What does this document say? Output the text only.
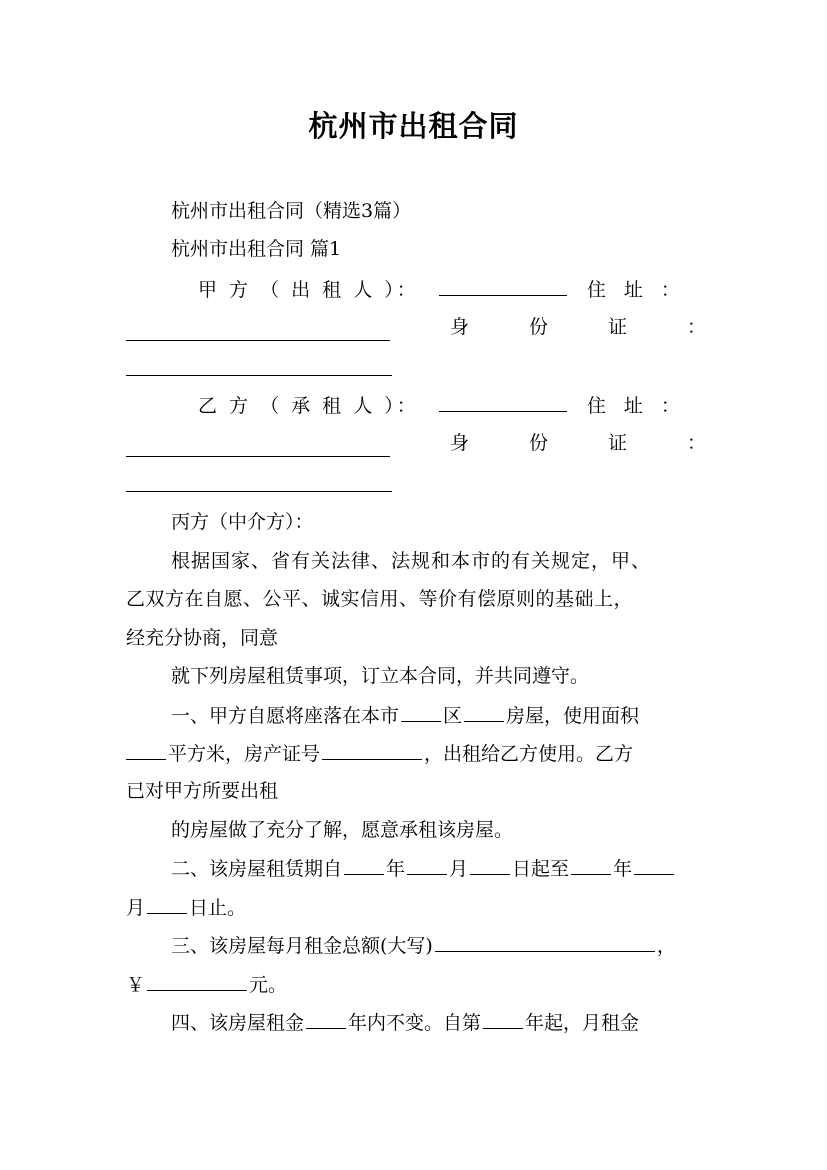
杭州市出租合同
杭州市出租合同（精选3篇）
杭州市出租合同 篇1
甲 方 （ 出 租 人 ）：	住 址 ：
身	份	证	：
乙 方 （ 承 租 人 ）：	住 址 ：
身	份	证	：
丙方（中介方）：
根据国家、省有关法律、法规和本市的有关规定，甲、
乙双方在自愿、公平、诚实信用、等价有偿原则的基础上，
经充分协商，同意
就下列房屋租赁事项，订立本合同，并共同遵守。
一、甲方自愿将座落在本市 区 房屋，使用面积
平方米，房产证号	，出租给乙方使用。乙方
已对甲方所要出租
的房屋做了充分了解，愿意承租该房屋。
二、该房屋租赁期自 年 月 日起至 年
月 日止。
三、该房屋每月租金总额(大写)	，
￥	元。
四、该房屋租金 年内不变。自第 年起，月租金
